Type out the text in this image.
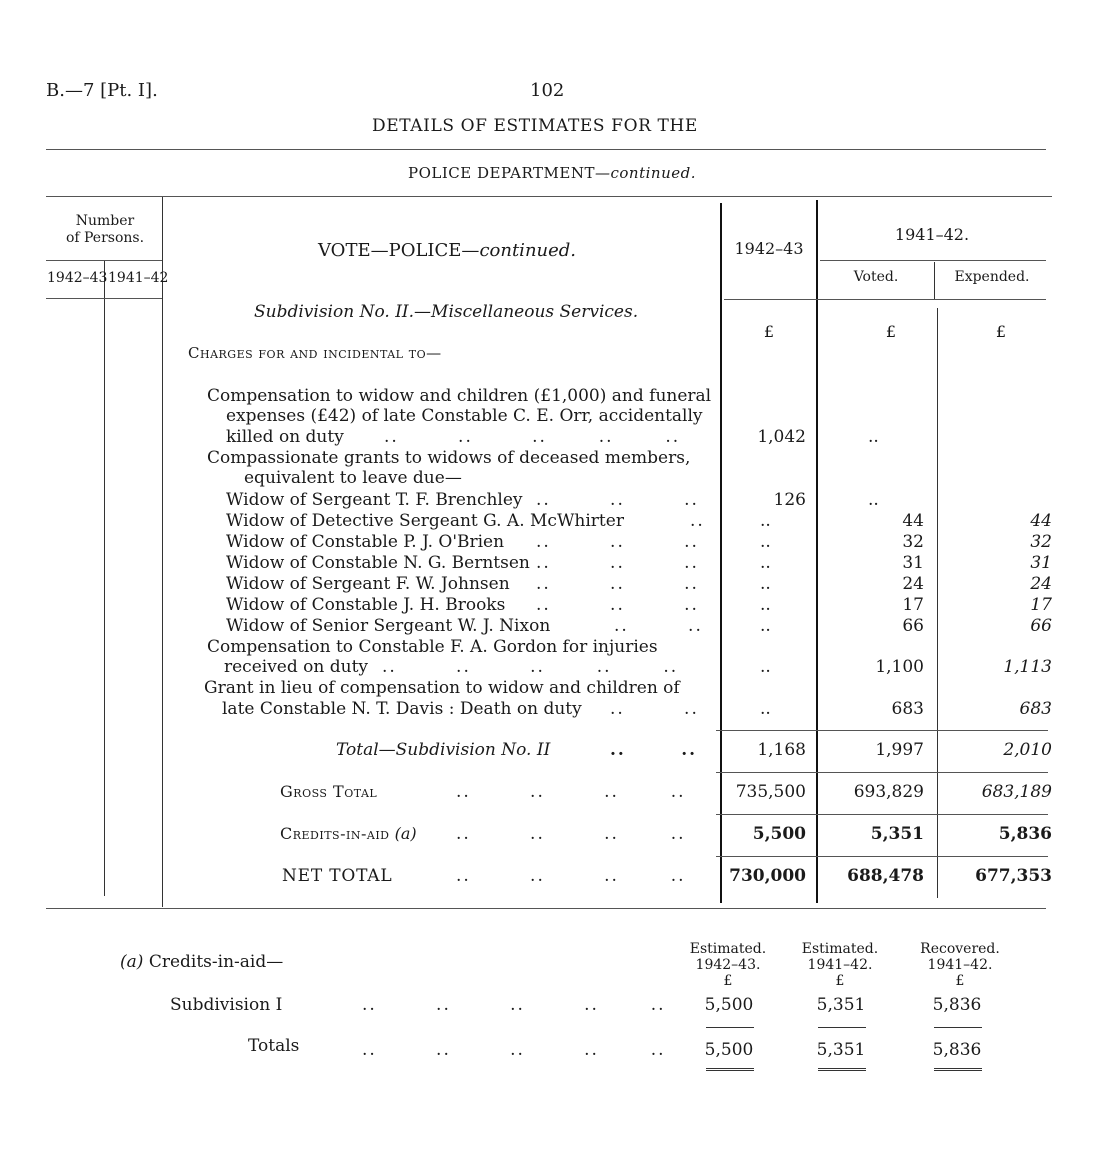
B.—7 [Pt. I].	102
DETAILS OF ESTIMATES FOR THE
POLICE DEPARTMENT—continued.
Number
of Persons.
1942–43 1941–42
VOTE—POLICE—continued.	1942–43
1941–42.
Voted.	Expended.
Subdivision No. II.—Miscellaneous Services.
£	£	£
Charges for and incidental to—
Compensation to widow and children (£1,000) and funeral
expenses (£42) of late Constable C. E. Orr, accidentally
killed on duty ..        ..        ..       ..       ..	1,042	..
Compassionate grants to widows of deceased members,
equivalent to leave due—
Widow of Sergeant T. F. Brenchley ..        ..        ..	126	..
Widow of Detective Sergeant G. A. McWhirter	..	..	44	44
Widow of Constable P. J. O'Brien ..        ..        ..	..	32	32
Widow of Constable N. G. Berntsen ..        ..        ..	..	31	31
Widow of Sergeant F. W. Johnsen ..        ..        ..	..	24	24
Widow of Constable J. H. Brooks ..        ..        ..	..	17	17
Widow of Senior Sergeant W. J. Nixon	..        ..	..	66	66
Compensation to Constable F. A. Gordon for injuries
received on duty ..        ..        ..       ..       ..	..	1,100	1,113
Grant in lieu of compensation to widow and children of
late Constable N. T. Davis : Death on duty ..        ..	..	683	683
Total—Subdivision No. II	..       ..	1,168	1,997	2,010
Gross Total	..        ..        ..       ..	735,500	693,829	683,189
Credits-in-aid (a) ..        ..        ..       ..	5,500	5,351	5,836
NET TOTAL	..        ..        ..       ..	730,000	688,478	677,353
(a) Credits-in-aid—
Estimated.
1942–43.
£
Estimated.
1941–42.
£
Recovered.
1941–42.
£
Subdivision I	..        ..        ..        ..       ..	5,500	5,351	5,836
Totals	..        ..        ..        ..       ..	5,500	5,351	5,836
